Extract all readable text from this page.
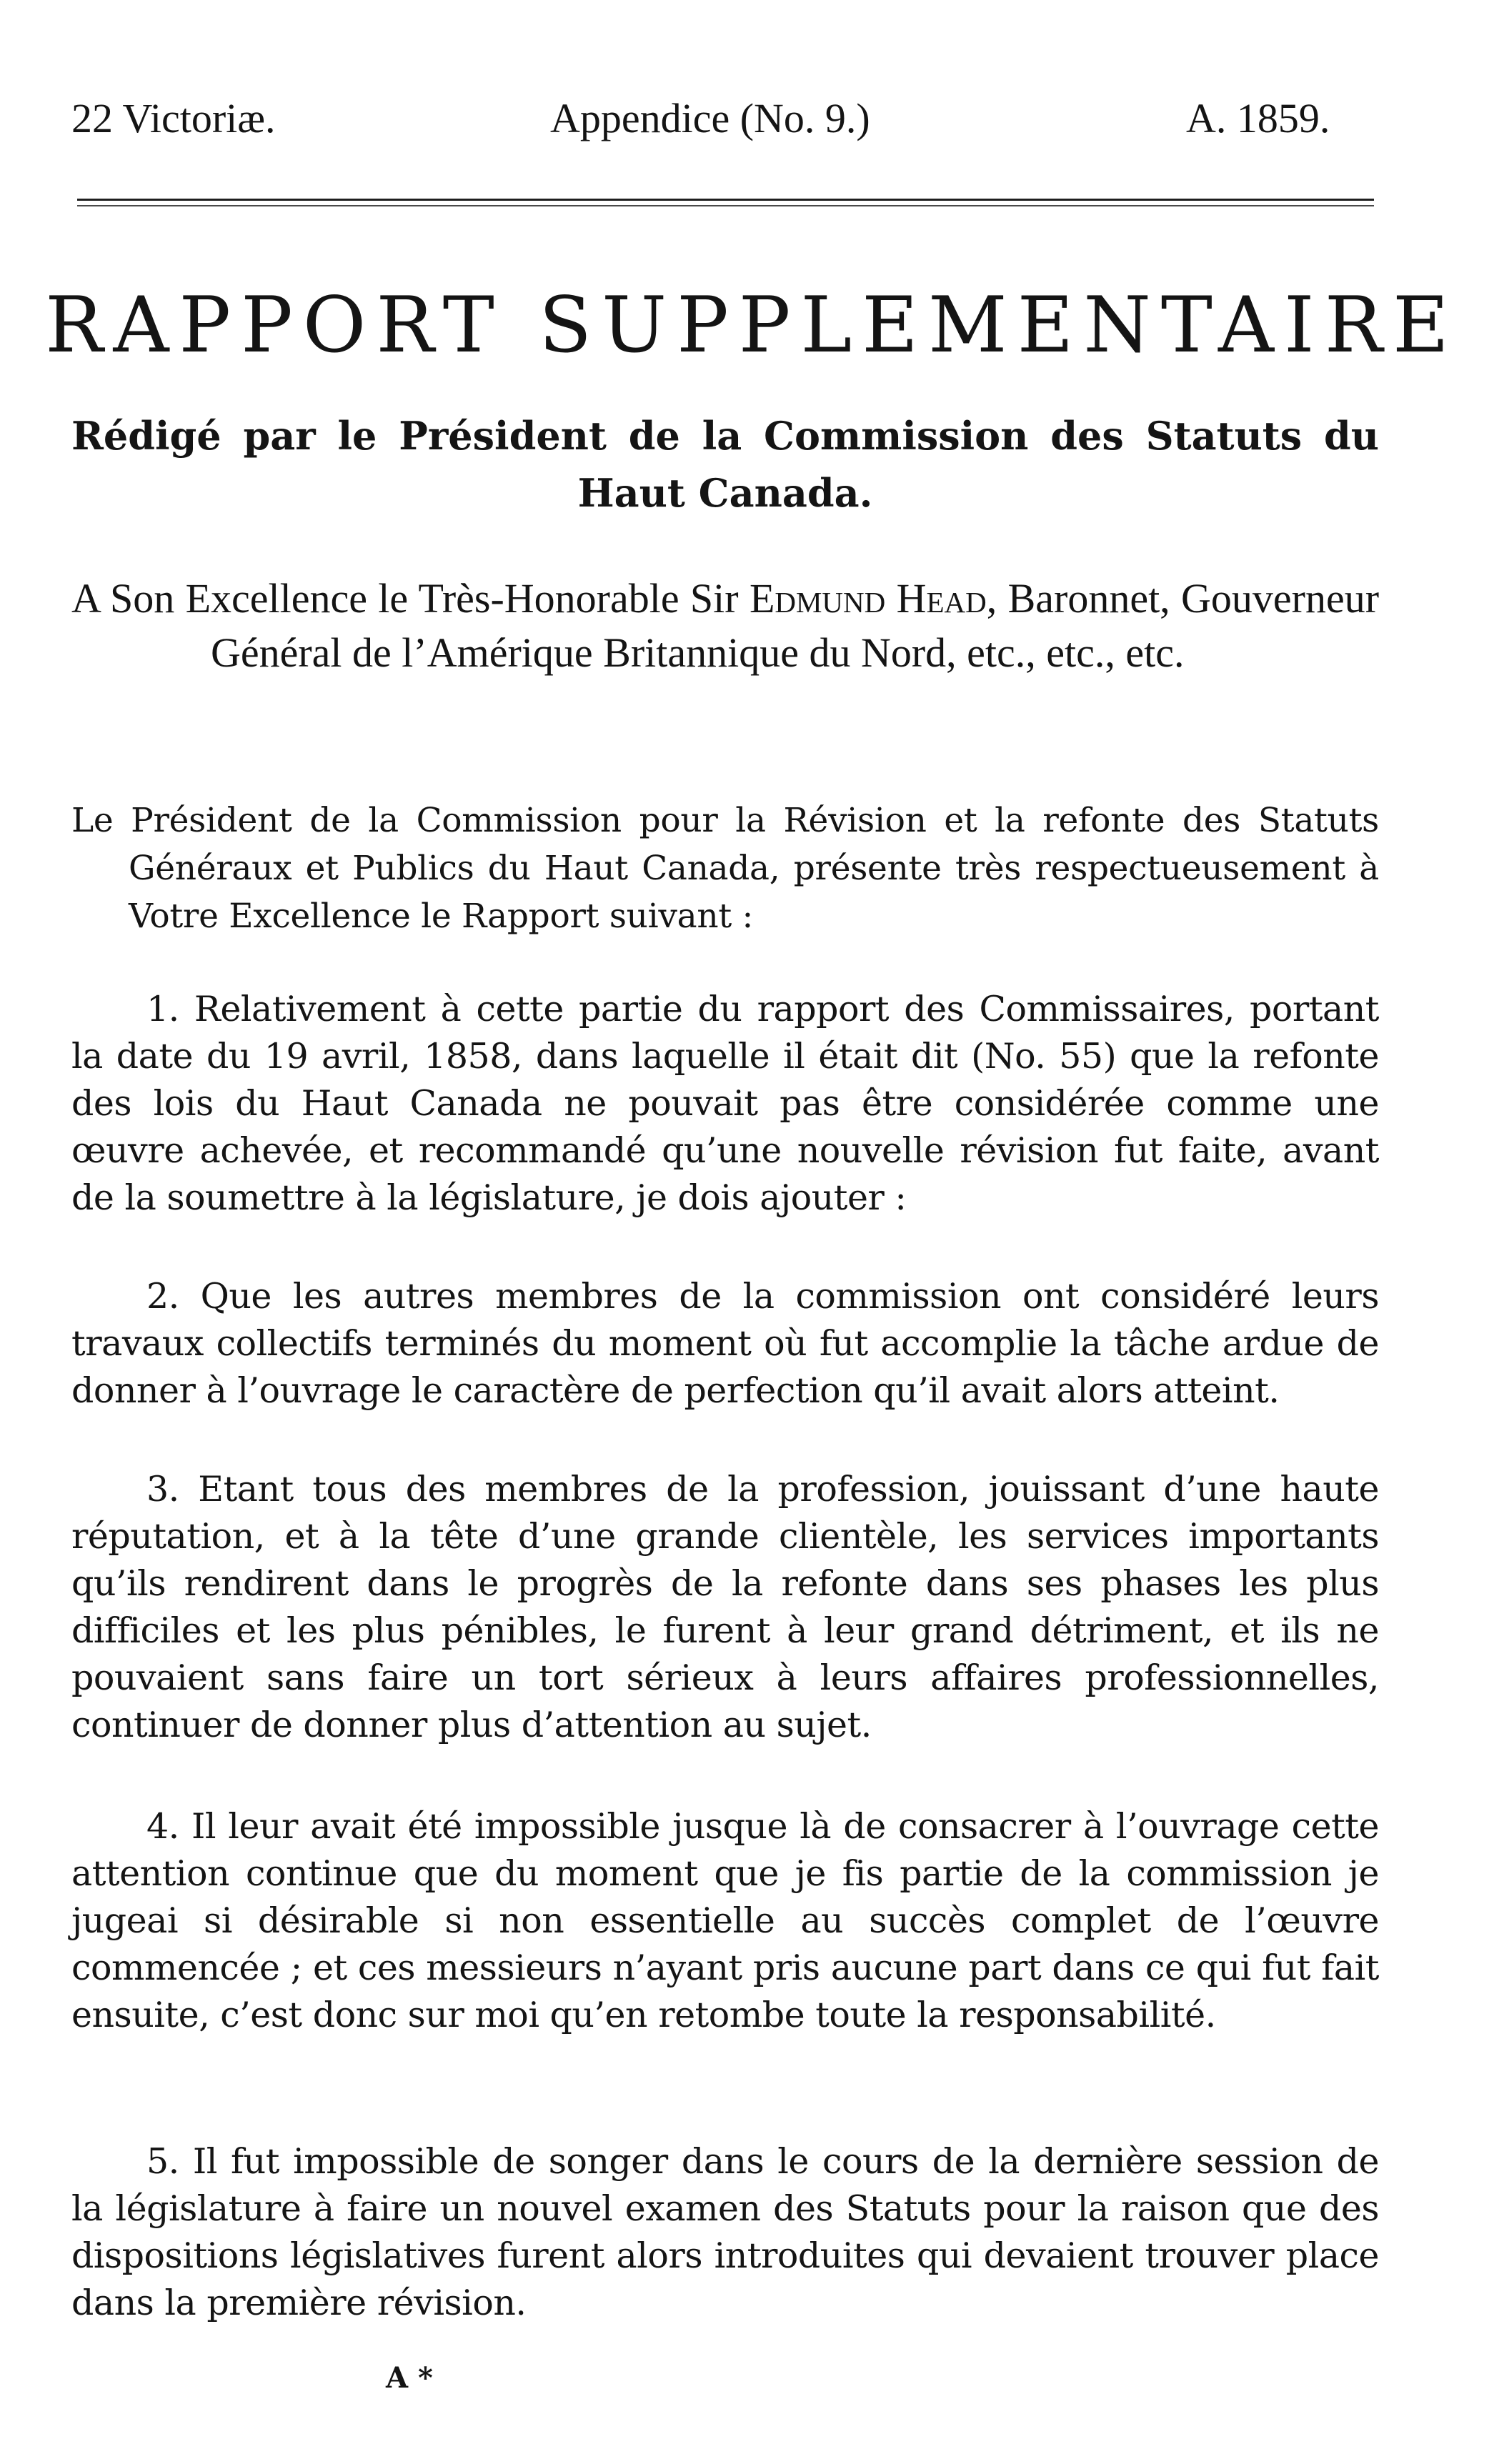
22 Victoriæ.	Appendice (No. 9.)	A. 1859.
RAPPORT SUPPLEMENTAIRE

Rédigé par le Président de la Commission des Statuts du Haut Canada.

A Son Excellence le Très-Honorable Sir Edmund Head, Baronnet, Gouverneur Général de l’Amérique Britannique du Nord, etc., etc., etc.

Le Président de la Commission pour la Révision et la refonte des Statuts Généraux et Publics du Haut Canada, présente très respectueusement à Votre Excellence le Rapport suivant :

1. Relativement à cette partie du rapport des Commissaires, portant la date du 19 avril, 1858, dans laquelle il était dit (No. 55) que la refonte des lois du Haut Canada ne pouvait pas être considérée comme une œuvre achevée, et recommandé qu’une nouvelle révision fut faite, avant de la soumettre à la législature, je dois ajouter :

2. Que les autres membres de la commission ont considéré leurs travaux collectifs terminés du moment où fut accomplie la tâche ardue de donner à l’ouvrage le caractère de perfection qu’il avait alors atteint.

3. Etant tous des membres de la profession, jouissant d’une haute réputation, et à la tête d’une grande clientèle, les services importants qu’ils rendirent dans le progrès de la refonte dans ses phases les plus difficiles et les plus pénibles, le furent à leur grand détriment, et ils ne pouvaient sans faire un tort sérieux à leurs affaires professionnelles, continuer de donner plus d’attention au sujet.

4. Il leur avait été impossible jusque là de consacrer à l’ouvrage cette attention continue que du moment que je fis partie de la commission je jugeai si désirable si non essentielle au succès complet de l’œuvre commencée ; et ces messieurs n’ayant pris aucune part dans ce qui fut fait ensuite, c’est donc sur moi qu’en retombe toute la responsabilité.

5. Il fut impossible de songer dans le cours de la dernière session de la législature à faire un nouvel examen des Statuts pour la raison que des dispositions législatives furent alors introduites qui devaient trouver place dans la première révision.

A *
